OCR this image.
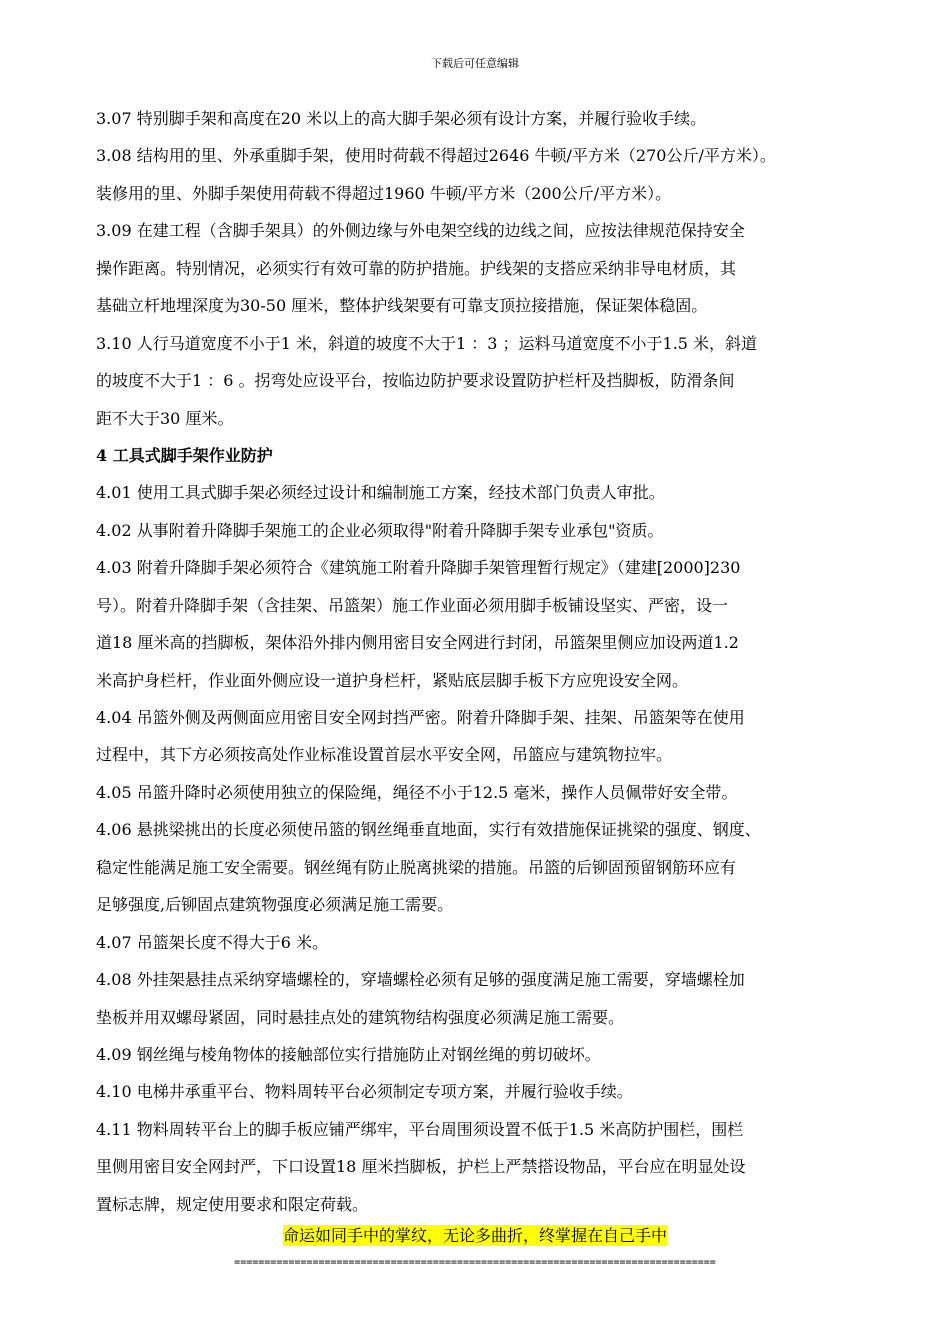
下载后可任意编辑
3.07 特别脚手架和高度在20 米以上的高大脚手架必须有设计方案，并履行验收手续。
3.08 结构用的里、外承重脚手架，使用时荷载不得超过2646 牛顿/平方米（270公斤/平方米）。
装修用的里、外脚手架使用荷载不得超过1960 牛顿/平方米（200公斤/平方米）。
3.09 在建工程（含脚手架具）的外侧边缘与外电架空线的边线之间，应按法律规范保持安全
操作距离。特别情况，必须实行有效可靠的防护措施。护线架的支搭应采纳非导电材质，其
基础立杆地埋深度为30-50 厘米，整体护线架要有可靠支顶拉接措施，保证架体稳固。
3.10 人行马道宽度不小于1 米，斜道的坡度不大于1 ：3 ；运料马道宽度不小于1.5 米，斜道
的坡度不大于1 ：6 。拐弯处应设平台，按临边防护要求设置防护栏杆及挡脚板，防滑条间
距不大于30 厘米。
4 工具式脚手架作业防护
4.01 使用工具式脚手架必须经过设计和编制施工方案，经技术部门负责人审批。
4.02 从事附着升降脚手架施工的企业必须取得"附着升降脚手架专业承包"资质。
4.03 附着升降脚手架必须符合《建筑施工附着升降脚手架管理暂行规定》（建建[2000]230
号）。附着升降脚手架（含挂架、吊篮架）施工作业面必须用脚手板铺设坚实、严密，设一
道18 厘米高的挡脚板，架体沿外排内侧用密目安全网进行封闭，吊篮架里侧应加设两道1.2
米高护身栏杆，作业面外侧应设一道护身栏杆，紧贴底层脚手板下方应兜设安全网。
4.04 吊篮外侧及两侧面应用密目安全网封挡严密。附着升降脚手架、挂架、吊篮架等在使用
过程中，其下方必须按高处作业标准设置首层水平安全网，吊篮应与建筑物拉牢。
4.05 吊篮升降时必须使用独立的保险绳，绳径不小于12.5 毫米，操作人员佩带好安全带。
4.06 悬挑梁挑出的长度必须使吊篮的钢丝绳垂直地面，实行有效措施保证挑梁的强度、钢度、
稳定性能满足施工安全需要。钢丝绳有防止脱离挑梁的措施。吊篮的后铆固预留钢筋环应有
足够强度,后铆固点建筑物强度必须满足施工需要。
4.07 吊篮架长度不得大于6 米。
4.08 外挂架悬挂点采纳穿墙螺栓的，穿墙螺栓必须有足够的强度满足施工需要，穿墙螺栓加
垫板并用双螺母紧固，同时悬挂点处的建筑物结构强度必须满足施工需要。
4.09 钢丝绳与棱角物体的接触部位实行措施防止对钢丝绳的剪切破坏。
4.10 电梯井承重平台、物料周转平台必须制定专项方案，并履行验收手续。
4.11 物料周转平台上的脚手板应铺严绑牢，平台周围须设置不低于1.5 米高防护围栏，围栏
里侧用密目安全网封严，下口设置18 厘米挡脚板，护栏上严禁搭设物品，平台应在明显处设
置标志牌，规定使用要求和限定荷载。
命运如同手中的掌纹，无论多曲折，终掌握在自己手中
================================================================================
